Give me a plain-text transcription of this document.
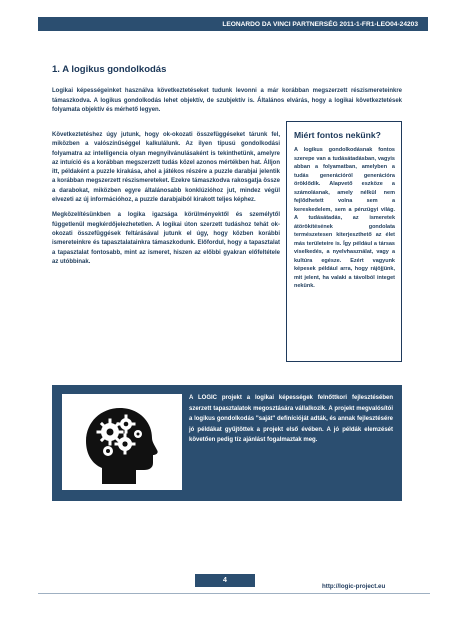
LEONARDO DA VINCI PARTNERSÉG 2011-1-FR1-LEO04-24203
1. A logikus gondolkodás

Logikai képességeinket használva következtetéseket tudunk levonni a már korábban megszerzett részismereteinkre támaszkodva. A logikus gondolkodás lehet objektív, de szubjektív is. Általános elvárás, hogy a logikai következtetések folyamata objektív és mérhető legyen.

Következtetéshez úgy jutunk, hogy ok-okozati összefüggéseket tárunk fel, miközben a valószínűséggel kalkulálunk. Az ilyen típusú gondolkodási folyamatra az intelligencia olyan megnyilvánulásaként is tekinthetünk, amelyre az intuíció és a korábban megszerzett tudás közel azonos mértékben hat. Álljon itt, példaként a puzzle kirakása, ahol a játékos részére a puzzle darabjai jelentik a korábban megszerzett részismereteket. Ezekre támaszkodva rakosgatja össze a darabokat, miközben egyre általánosabb konklúzióhoz jut, mindez végül elvezeti az új információhoz, a puzzle darabjaiból kirakott teljes képhez.

Megközelítésünkben a logika igazsága körülményektől és személytől függetlenül megkérdőjelezhetetlen. A logikai úton szerzett tudáshoz tehát ok-okozati összefüggések feltárásával jutunk el úgy, hogy közben korábbi ismereteinkre és tapasztalatainkra támaszkodunk. Előfordul, hogy a tapasztalat a tapasztalat fontosabb, mint az ismeret, hiszen az előbbi gyakran előfeltétele az utóbbinak.

Miért fontos nekünk?

A logikus gondolkodásnak fontos szerepe van a tudásátadásban, vagyis abban a folyamatban, amelyben a tudás generációról generációra öröklődik. Alapvető eszköze a számolásnak, amely nélkül nem fejlődhetett volna sem a kereskedelem, sem a pénzügyi világ. A tudásátadás, az ismeretek átörökítésének gondolata természetesen kiterjeszthető az élet más területeire is. Így például a társas viselkedés, a nyelvhasználat, vagy a kultúra egésze. Ezért vagyunk képesek például arra, hogy rájöjjünk, mit jelent, ha valaki a távolból integet nekünk.

A LOGIC projekt a logikai képességek felnőttkori fejlesztésében szerzett tapasztalatok megosztására vállalkozik. A projekt megvalósítói a logikus gondolkodás "saját" definícióját adták, és annak fejlesztésére jó példákat gyűjtöttek a projekt első évében. A jó példák elemzését követően pedig tíz ajánlást fogalmaztak meg.

4
http://logic-project.eu
